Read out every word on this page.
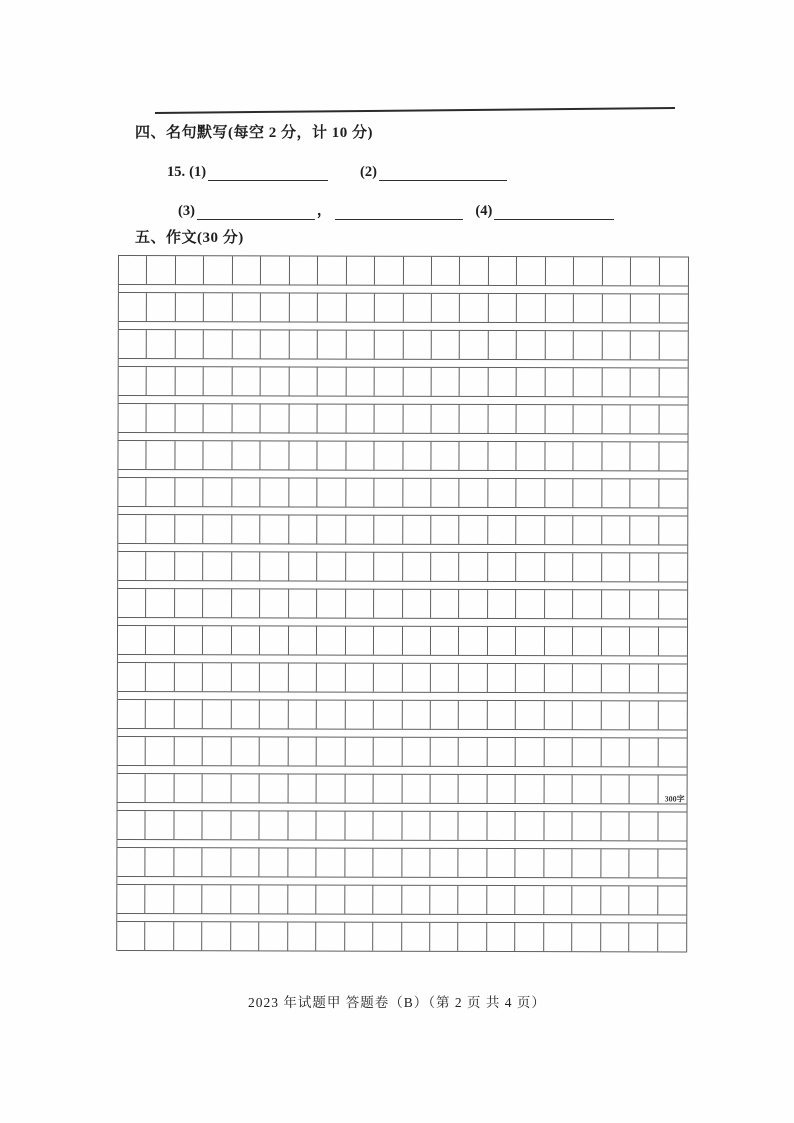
四、名句默写(每空 2 分，计 10 分)
15. (1)	(2)
(3)	，	(4)
五、作文(30 分)
300字
2023 年试题甲 答题卷（B）（第 2 页 共 4 页）
